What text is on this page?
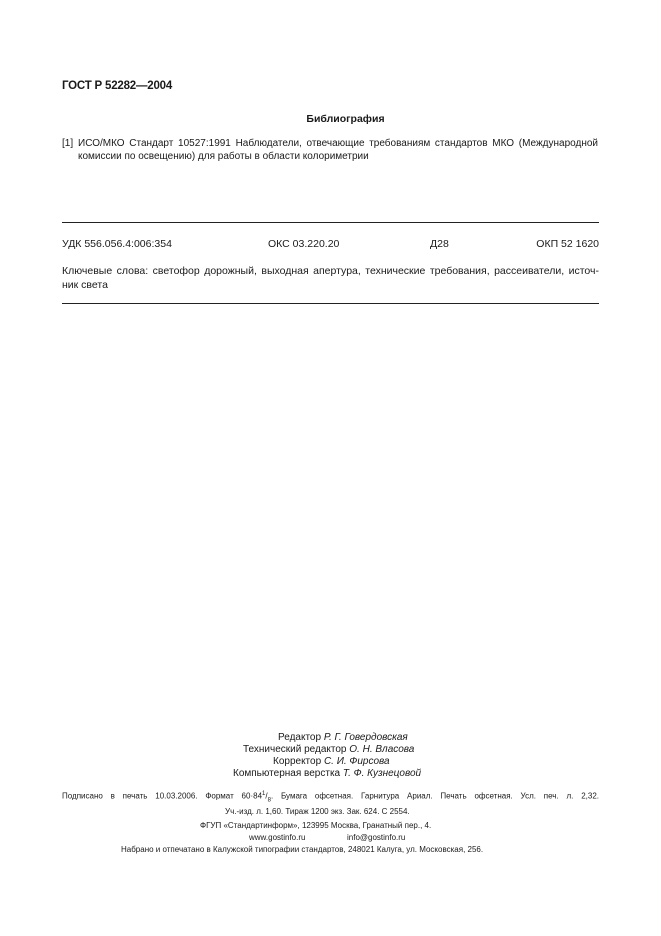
ГОСТ Р 52282—2004
Библиография
[1] ИСО/МКО Стандарт 10527:1991 Наблюдатели, отвечающие требованиям стандартов МКО (Международной комиссии по освещению) для работы в области колориметрии
УДК 556.056.4:006:354	ОКС 03.220.20	Д28	ОКП 52 1620
Ключевые слова: светофор дорожный, выходная апертура, технические требования, рассеиватели, источ-
ник света
Редактор Р. Г. Говердовская
Технический редактор О. Н. Власова
Корректор С. И. Фирсова
Компьютерная верстка Т. Ф. Кузнецовой
Подписано в печать 10.03.2006. Формат $60\cdot 84^1/_8$. Бумага офсетная. Гарнитура Ариал. Печать офсетная. Усл. печ. л. 2,32.
Уч.-изд. л. 1,60. Тираж 1200 экз. Зак. 624. С 2554.
ФГУП «Стандартинформ», 123995 Москва, Гранатный пер., 4.
www.gostinfo.ru	info@gostinfo.ru
Набрано и отпечатано в Калужской типографии стандартов, 248021 Калуга, ул. Московская, 256.
